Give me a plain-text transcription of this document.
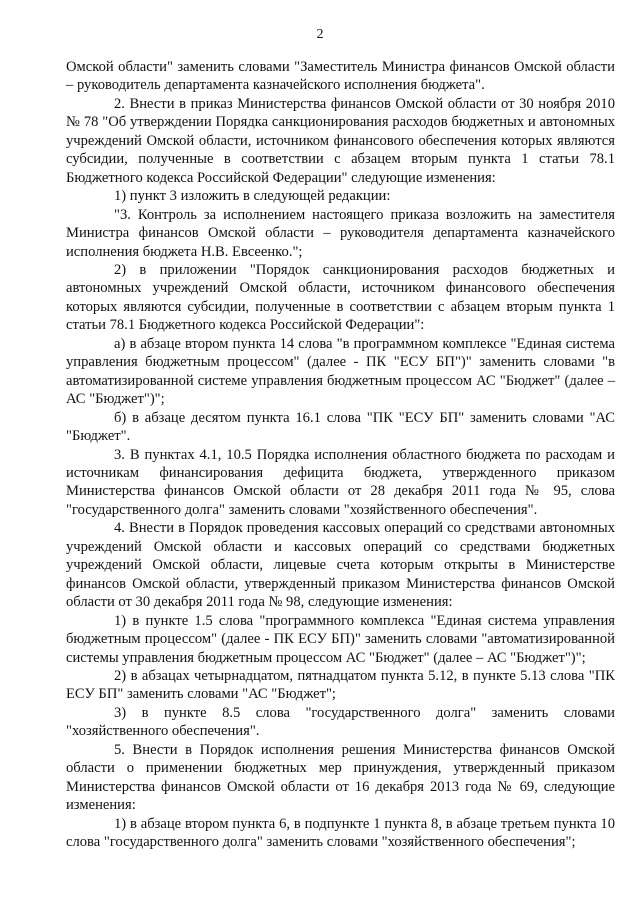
2

Омской области" заменить словами "Заместитель Министра финансов Омской области – руководитель департамента казначейского исполнения бюджета".

2. Внести в приказ Министерства финансов Омской области от 30 ноября 2010 № 78 "Об утверждении Порядка санкционирования расходов бюджетных и автономных учреждений Омской области, источником финансового обеспечения которых являются субсидии, полученные в соответствии с абзацем вторым пункта 1 статьи 78.1 Бюджетного кодекса Российской Федерации" следующие изменения:

1) пункт 3 изложить в следующей редакции:

"3. Контроль за исполнением настоящего приказа возложить на заместителя Министра финансов Омской области – руководителя департамента казначейского исполнения бюджета Н.В. Евсеенко.";

2) в приложении "Порядок санкционирования расходов бюджетных и автономных учреждений Омской области, источником финансового обеспечения которых являются субсидии, полученные в соответствии с абзацем вторым пункта 1 статьи 78.1 Бюджетного кодекса Российской Федерации":

а) в абзаце втором пункта 14 слова "в программном комплексе "Единая система управления бюджетным процессом" (далее - ПК "ЕСУ БП")" заменить словами "в автоматизированной системе управления бюджетным процессом АС "Бюджет" (далее – АС "Бюджет")";

б) в абзаце десятом пункта 16.1 слова "ПК "ЕСУ БП" заменить словами "АС "Бюджет".

3. В пунктах 4.1, 10.5 Порядка исполнения областного бюджета по расходам и источникам финансирования дефицита бюджета, утвержденного приказом Министерства финансов Омской области от 28 декабря 2011 года № 95, слова "государственного долга" заменить словами "хозяйственного обеспечения".

4. Внести в Порядок проведения кассовых операций со средствами автономных учреждений Омской области и кассовых операций со средствами бюджетных учреждений Омской области, лицевые счета которым открыты в Министерстве финансов Омской области, утвержденный приказом Министерства финансов Омской области от 30 декабря 2011 года № 98, следующие изменения:

1) в пункте 1.5 слова "программного комплекса "Единая система управления бюджетным процессом" (далее - ПК ЕСУ БП)" заменить словами "автоматизированной системы управления бюджетным процессом АС "Бюджет" (далее – АС "Бюджет")";

2) в абзацах четырнадцатом, пятнадцатом пункта 5.12, в пункте 5.13 слова "ПК ЕСУ БП" заменить словами "АС "Бюджет";

3) в пункте 8.5 слова "государственного долга" заменить словами "хозяйственного обеспечения".

5. Внести в Порядок исполнения решения Министерства финансов Омской области о применении бюджетных мер принуждения, утвержденный приказом Министерства финансов Омской области от 16 декабря 2013 года № 69, следующие изменения:

1) в абзаце втором пункта 6, в подпункте 1 пункта 8, в абзаце третьем пункта 10 слова "государственного долга" заменить словами "хозяйственного обеспечения";
